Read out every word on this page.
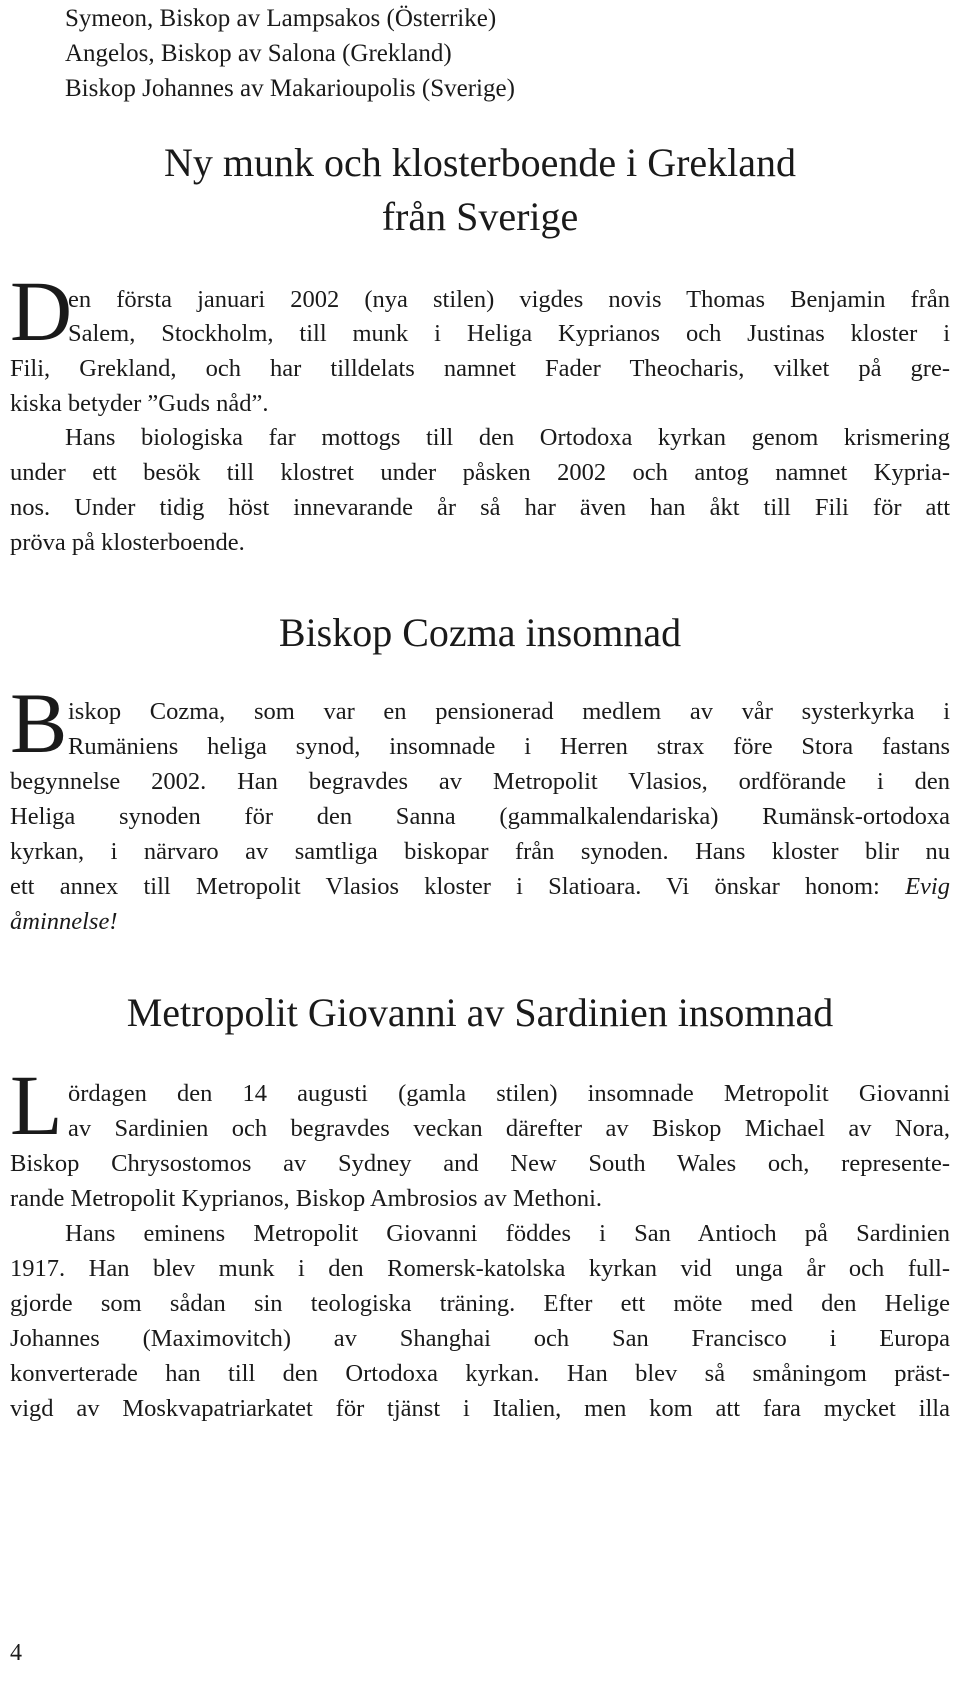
Symeon, Biskop av Lampsakos (Österrike)
Angelos, Biskop av Salona (Grekland)
Biskop Johannes av Makarioupolis (Sverige)
Ny munk och klosterboende i Grekland
från Sverige
D
en första januari 2002 (nya stilen) vigdes novis Thomas Benjamin från
Salem, Stockholm, till munk i Heliga Kyprianos och Justinas kloster i
Fili, Grekland, och har tilldelats namnet Fader Theocharis, vilket på gre-
kiska betyder ”Guds nåd”.
Hans biologiska far mottogs till den Ortodoxa kyrkan genom krismering
under ett besök till klostret under påsken 2002 och antog namnet Kypria-
nos. Under tidig höst innevarande år så har även han åkt till Fili för att
pröva på klosterboende.
Biskop Cozma insomnad
B iskop Cozma, som var en pensionerad medlem av vår systerkyrka i
Rumäniens heliga synod, insomnade i Herren strax före Stora fastans
begynnelse 2002. Han begravdes av Metropolit Vlasios, ordförande i den
Heliga synoden för den Sanna (gammalkalendariska) Rumänsk-ortodoxa
kyrkan, i närvaro av samtliga biskopar från synoden. Hans kloster blir nu
ett annex till Metropolit Vlasios kloster i Slatioara. Vi önskar honom: Evig
åminnelse!
Metropolit Giovanni av Sardinien insomnad
L ördagen den 14 augusti (gamla stilen) insomnade Metropolit Giovanni
av Sardinien och begravdes veckan därefter av Biskop Michael av Nora,
Biskop Chrysostomos av Sydney and New South Wales och, represente-
rande Metropolit Kyprianos, Biskop Ambrosios av Methoni.
Hans eminens Metropolit Giovanni föddes i San Antioch på Sardinien
1917. Han blev munk i den Romersk-katolska kyrkan vid unga år och full-
gjorde som sådan sin teologiska träning. Efter ett möte med den Helige
Johannes (Maximovitch) av Shanghai och San Francisco i Europa
konverterade han till den Ortodoxa kyrkan. Han blev så småningom präst-
vigd av Moskvapatriarkatet för tjänst i Italien, men kom att fara mycket illa
4
